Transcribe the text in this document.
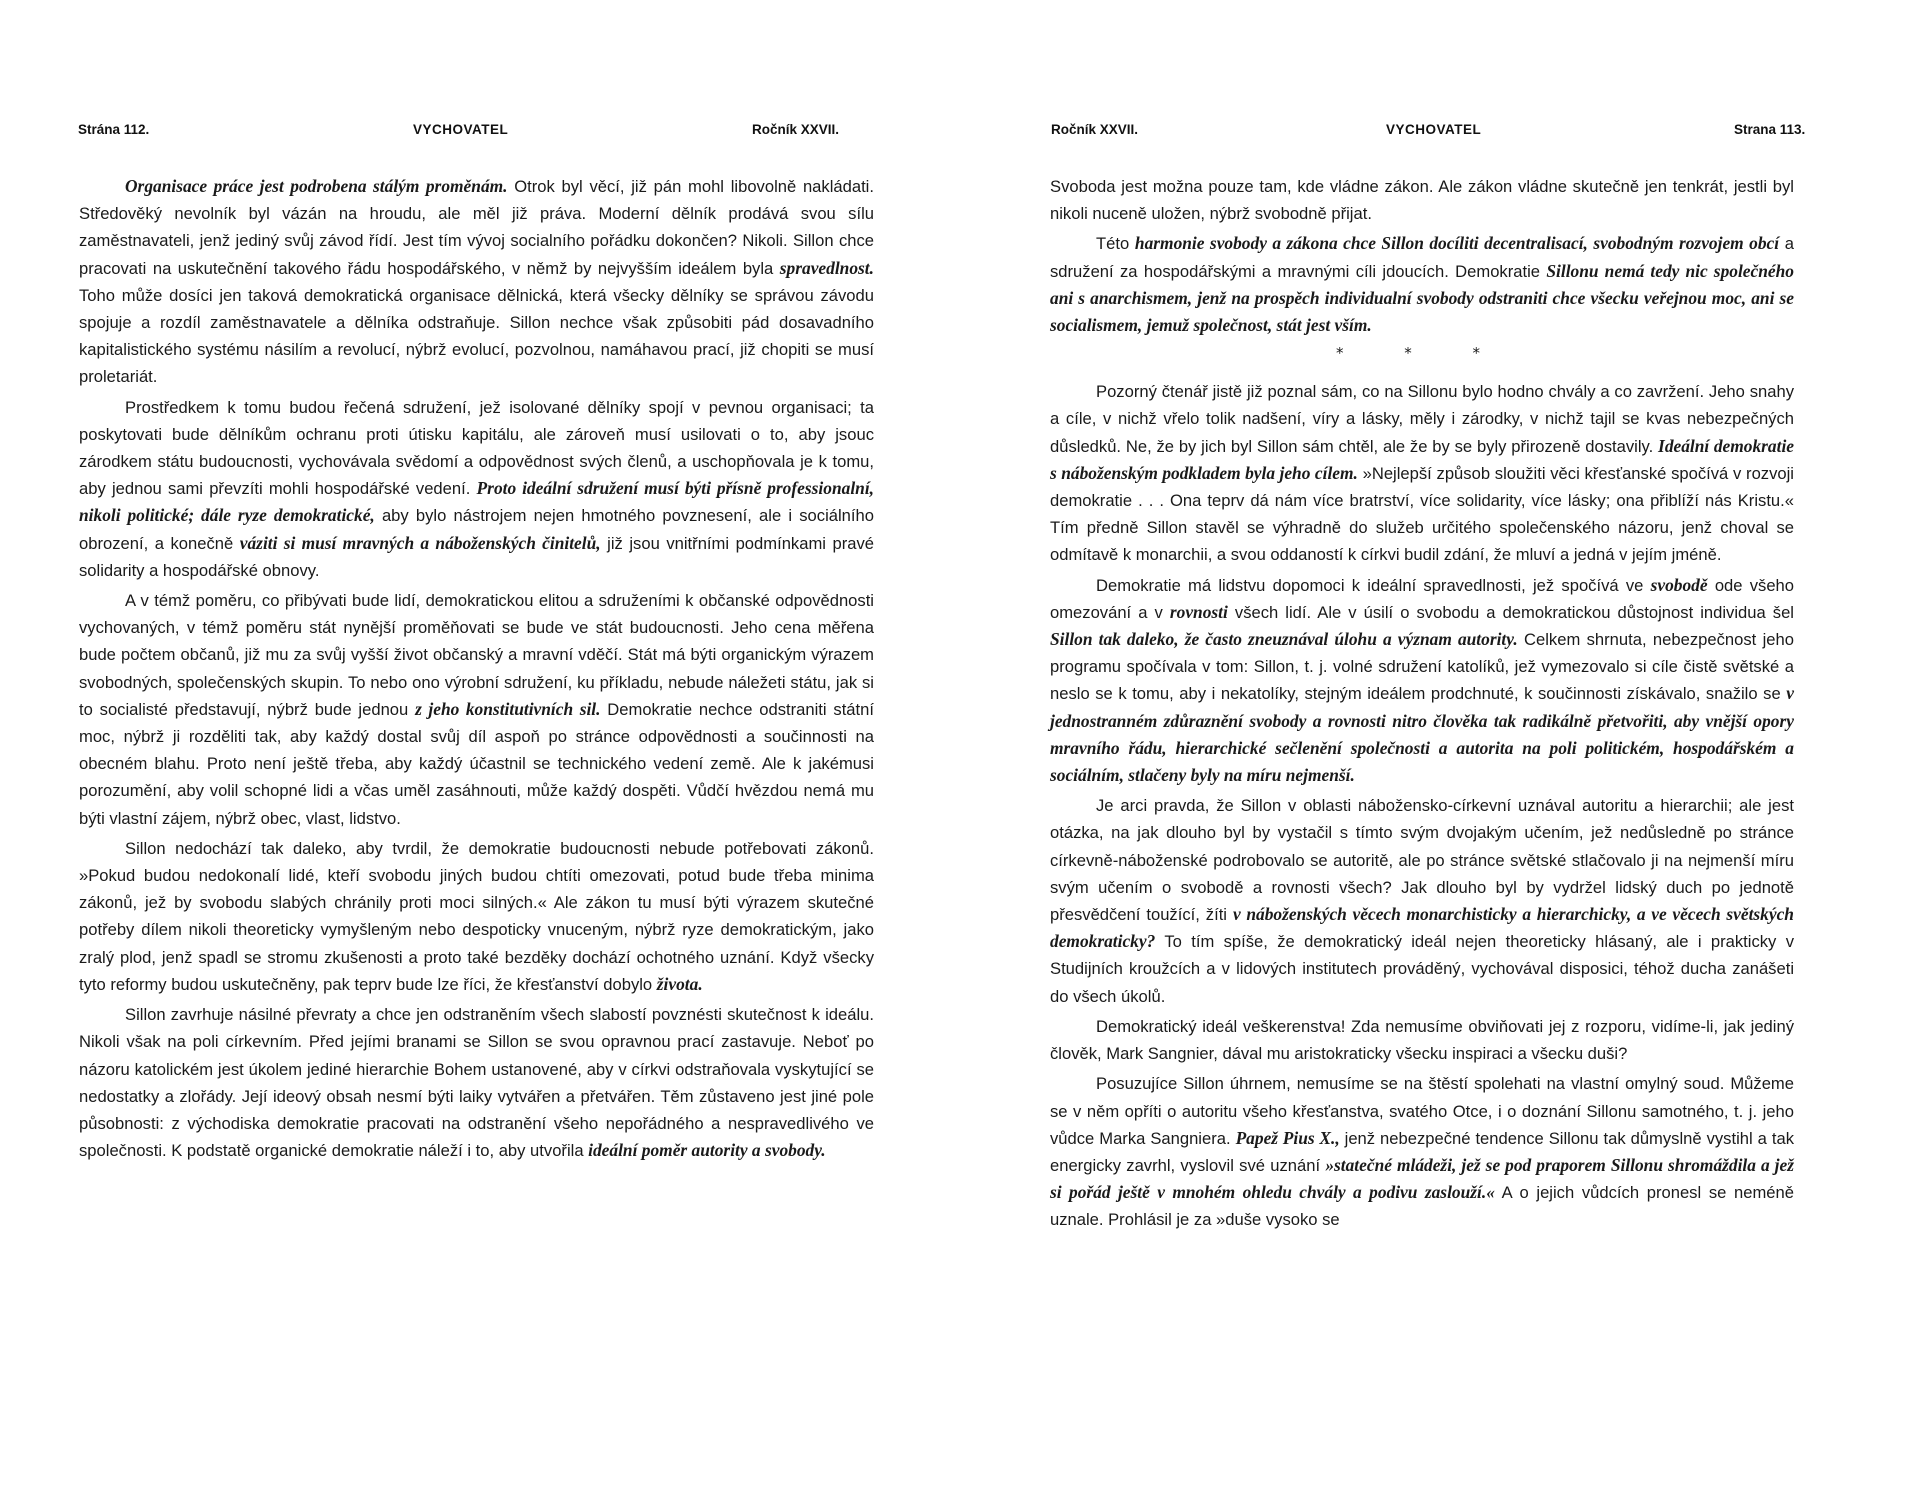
Strána 112.	VYCHOVATEL	Ročník XXVII.

Organisace práce jest podrobena stálým proměnám. Otrok byl věcí, již pán mohl libovolně nakládati. Středověký nevolník byl vázán na hroudu, ale měl již práva. Moderní dělník prodává svou sílu zaměstnavateli, jenž jediný svůj závod řídí. Jest tím vývoj socialního pořádku dokončen? Nikoli. Sillon chce pracovati na uskutečnění takového řádu hospodářského, v němž by nejvyšším ideálem byla spravedlnost. Toho může dosíci jen taková demokratická organisace dělnická, která všecky dělníky se správou závodu spojuje a rozdíl zaměstnavatele a dělníka odstraňuje. Sillon nechce však způsobiti pád dosavadního kapitalistického systému násilím a revolucí, nýbrž evolucí, pozvolnou, namáhavou prací, již chopiti se musí proletariát.

Prostředkem k tomu budou řečená sdružení, jež isolované dělníky spojí v pevnou organisaci; ta poskytovati bude dělníkům ochranu proti útisku kapitálu, ale zároveň musí usilovati o to, aby jsouc zárodkem státu budoucnosti, vychovávala svědomí a odpovědnost svých členů, a uschopňovala je k tomu, aby jednou sami převzíti mohli hospodářské vedení. Proto ideální sdružení musí býti přísně professionalní, nikoli politické; dále ryze demokratické, aby bylo nástrojem nejen hmotného povznesení, ale i sociálního obrození, a konečně váziti si musí mravných a náboženských činitelů, již jsou vnitřními podmínkami pravé solidarity a hospodářské obnovy.

A v témž poměru, co přibývati bude lidí, demokratickou elitou a sdruženími k občanské odpovědnosti vychovaných, v témž poměru stát nynější proměňovati se bude ve stát budoucnosti. Jeho cena měřena bude počtem občanů, již mu za svůj vyšší život občanský a mravní vděčí. Stát má býti organickým výrazem svobodných, společenských skupin. To nebo ono výrobní sdružení, ku příkladu, nebude náležeti státu, jak si to socialisté představují, nýbrž bude jednou z jeho konstitutivních sil. Demokratie nechce odstraniti státní moc, nýbrž ji rozděliti tak, aby každý dostal svůj díl aspoň po stránce odpovědnosti a součinnosti na obecném blahu. Proto není ještě třeba, aby každý účastnil se technického vedení země. Ale k jakémusi porozumění, aby volil schopné lidi a včas uměl zasáhnouti, může každý dospěti. Vůdčí hvězdou nemá mu býti vlastní zájem, nýbrž obec, vlast, lidstvo.

Sillon nedochází tak daleko, aby tvrdil, že demokratie budoucnosti nebude potřebovati zákonů. »Pokud budou nedokonalí lidé, kteří svobodu jiných budou chtíti omezovati, potud bude třeba minima zákonů, jež by svobodu slabých chránily proti moci silných.« Ale zákon tu musí býti výrazem skutečné potřeby dílem nikoli theoreticky vymyšleným nebo despoticky vnuceným, nýbrž ryze demokratickým, jako zralý plod, jenž spadl se stromu zkušenosti a proto také bezděky dochází ochotného uznání. Když všecky tyto reformy budou uskutečněny, pak teprv bude lze říci, že křesťanství dobylo života.

Sillon zavrhuje násilné převraty a chce jen odstraněním všech slabostí povznésti skutečnost k ideálu. Nikoli však na poli církevním. Před jejími branami se Sillon se svou opravnou prací zastavuje. Neboť po názoru katolickém jest úkolem jediné hierarchie Bohem ustanovené, aby v církvi odstraňovala vyskytující se nedostatky a zlořády. Její ideový obsah nesmí býti laiky vytvářen a přetvářen. Těm zůstaveno jest jiné pole působnosti: z východiska demokratie pracovati na odstranění všeho nepořádného a nespravedlivého ve společnosti. K podstatě organické demokratie náleží i to, aby utvořila ideální poměr autority a svobody.

Ročník XXVII.	VYCHOVATEL	Strana 113.

Svoboda jest možna pouze tam, kde vládne zákon. Ale zákon vládne skutečně jen tenkrát, jestli byl nikoli nuceně uložen, nýbrž svobodně přijat.

Této harmonie svobody a zákona chce Sillon docíliti decentralisací, svobodným rozvojem obcí a sdružení za hospodářskými a mravnými cíli jdoucích. Demokratie Sillonu nemá tedy nic společného ani s anarchismem, jenž na prospěch individualní svobody odstraniti chce všecku veřejnou moc, ani se socialismem, jemuž společnost, stát jest vším.

* * *

Pozorný čtenář jistě již poznal sám, co na Sillonu bylo hodno chvály a co zavržení. Jeho snahy a cíle, v nichž vřelo tolik nadšení, víry a lásky, měly i zárodky, v nichž tajil se kvas nebezpečných důsledků. Ne, že by jich byl Sillon sám chtěl, ale že by se byly přirozeně dostavily. Ideální demokratie s náboženským podkladem byla jeho cílem. »Nejlepší způsob sloužiti věci křesťanské spočívá v rozvoji demokratie . . . Ona teprv dá nám více bratrství, více solidarity, více lásky; ona přiblíží nás Kristu.« Tím předně Sillon stavěl se výhradně do služeb určitého společenského názoru, jenž choval se odmítavě k monarchii, a svou oddaností k církvi budil zdání, že mluví a jedná v jejím jméně.

Demokratie má lidstvu dopomoci k ideální spravedlnosti, jež spočívá ve svobodě ode všeho omezování a v rovnosti všech lidí. Ale v úsilí o svobodu a demokratickou důstojnost individua šel Sillon tak daleko, že často zneuznával úlohu a význam autority. Celkem shrnuta, nebezpečnost jeho programu spočívala v tom: Sillon, t. j. volné sdružení katolíků, jež vymezovalo si cíle čistě světské a neslo se k tomu, aby i nekatolíky, stejným ideálem prodchnuté, k součinnosti získávalo, snažilo se v jednostranném zdůraznění svobody a rovnosti nitro člověka tak radikálně přetvořiti, aby vnější opory mravního řádu, hierarchické sečlenění společnosti a autorita na poli politickém, hospodářském a sociálním, stlačeny byly na míru nejmenší.

Je arci pravda, že Sillon v oblasti nábožensko-církevní uznával autoritu a hierarchii; ale jest otázka, na jak dlouho byl by vystačil s tímto svým dvojakým učením, jež nedůsledně po stránce církevně-náboženské podrobovalo se autoritě, ale po stránce světské stlačovalo ji na nejmenší míru svým učením o svobodě a rovnosti všech? Jak dlouho byl by vydržel lidský duch po jednotě přesvědčení toužící, žíti v náboženských věcech monarchisticky a hierarchicky, a ve věcech světských demokraticky? To tím spíše, že demokratický ideál nejen theoreticky hlásaný, ale i prakticky v Studijních kroužcích a v lidových institutech prováděný, vychovával disposici, téhož ducha zanášeti do všech úkolů.

Demokratický ideál veškerenstva! Zda nemusíme obviňovati jej z rozporu, vidíme-li, jak jediný člověk, Mark Sangnier, dával mu aristokraticky všecku inspiraci a všecku duši?

Posuzujíce Sillon úhrnem, nemusíme se na štěstí spolehati na vlastní omylný soud. Můžeme se v něm opříti o autoritu všeho křesťanstva, svatého Otce, i o doznání Sillonu samotného, t. j. jeho vůdce Marka Sangniera. Papež Pius X., jenž nebezpečné tendence Sillonu tak důmyslně vystihl a tak energicky zavrhl, vyslovil své uznání »statečné mládeži, jež se pod praporem Sillonu shromáždila a jež si pořád ještě v mnohém ohledu chvály a podivu zaslouží.« A o jejich vůdcích pronesl se neméně uznale. Prohlásil je za »duše vysoko se
